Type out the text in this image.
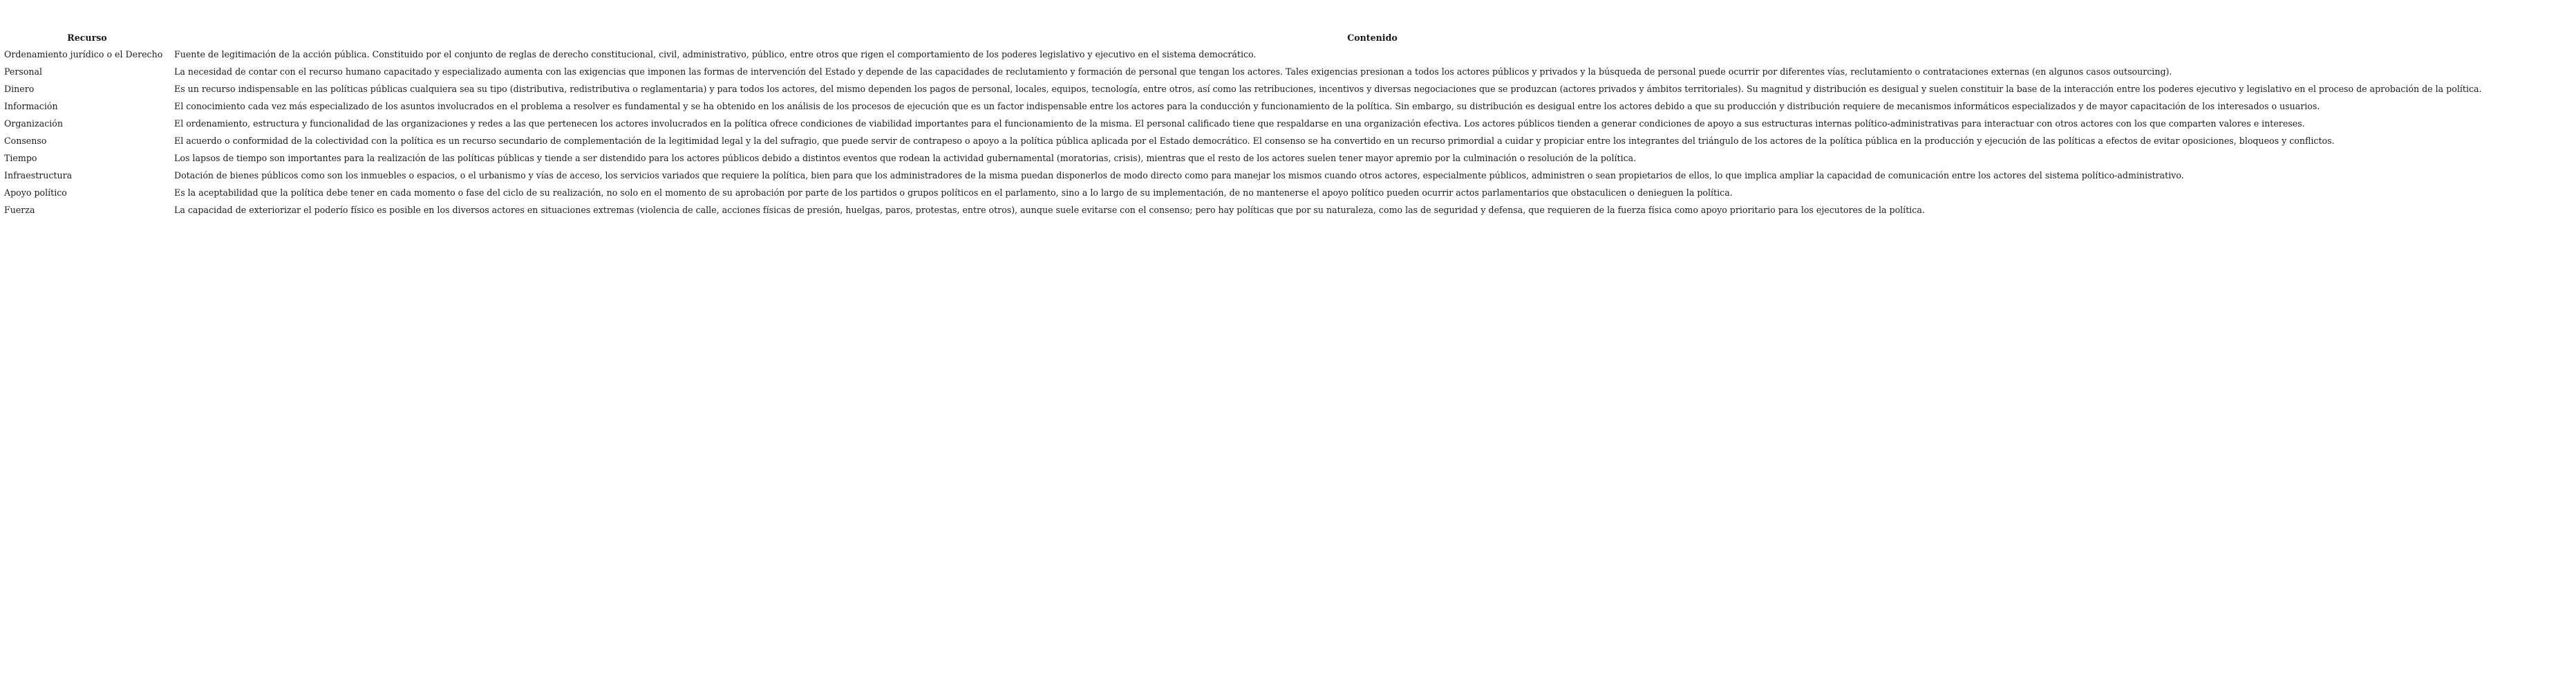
Recurso	Contenido
Ordenamiento jurídico o el Derecho	Fuente de legitimación de la acción pública. Constituido por el conjunto de reglas de derecho constitucional, civil, administrativo, público, entre otros que rigen el comportamiento de los poderes legislativo y ejecutivo en el sistema democrático.
Personal	La necesidad de contar con el recurso humano capacitado y especializado aumenta con las exigencias que imponen las formas de intervención del Estado y depende de las capacidades de reclutamiento y formación de personal que tengan los actores. Tales exigencias presionan a todos los actores públicos y privados y la búsqueda de personal puede ocurrir por diferentes vías, reclutamiento o contrataciones externas (en algunos casos outsourcing).
Dinero	Es un recurso indispensable en las políticas públicas cualquiera sea su tipo (distributiva, redistributiva o reglamentaria) y para todos los actores, del mismo dependen los pagos de personal, locales, equipos, tecnología, entre otros, así como las retribuciones, incentivos y diversas negociaciones que se produzcan (actores privados y ámbitos territoriales). Su magnitud y distribución es desigual y suelen constituir la base de la interacción entre los poderes ejecutivo y legislativo en el proceso de aprobación de la política.
Información	El conocimiento cada vez más especializado de los asuntos involucrados en el problema a resolver es fundamental y se ha obtenido en los análisis de los procesos de ejecución que es un factor indispensable entre los actores para la conducción y funcionamiento de la política. Sin embargo, su distribución es desigual entre los actores debido a que su producción y distribución requiere de mecanismos informáticos especializados y de mayor capacitación de los interesados o usuarios.
Organización	El ordenamiento, estructura y funcionalidad de las organizaciones y redes a las que pertenecen los actores involucrados en la política ofrece condiciones de viabilidad importantes para el funcionamiento de la misma. El personal calificado tiene que respaldarse en una organización efectiva. Los actores públicos tienden a generar condiciones de apoyo a sus estructuras internas político-administrativas para interactuar con otros actores con los que comparten valores e intereses.
Consenso	El acuerdo o conformidad de la colectividad con la política es un recurso secundario de complementación de la legitimidad legal y la del sufragio, que puede servir de contrapeso o apoyo a la política pública aplicada por el Estado democrático. El consenso se ha convertido en un recurso primordial a cuidar y propiciar entre los integrantes del triángulo de los actores de la política pública en la producción y ejecución de las políticas a efectos de evitar oposiciones, bloqueos y conflictos.
Tiempo	Los lapsos de tiempo son importantes para la realización de las políticas públicas y tiende a ser distendido para los actores públicos debido a distintos eventos que rodean la actividad gubernamental (moratorias, crisis), mientras que el resto de los actores suelen tener mayor apremio por la culminación o resolución de la política.
Infraestructura	Dotación de bienes públicos como son los inmuebles o espacios, o el urbanismo y vías de acceso, los servicios variados que requiere la política, bien para que los administradores de la misma puedan disponerlos de modo directo como para manejar los mismos cuando otros actores, especialmente públicos, administren o sean propietarios de ellos, lo que implica ampliar la capacidad de comunicación entre los actores del sistema político-administrativo.
Apoyo político	Es la aceptabilidad que la política debe tener en cada momento o fase del ciclo de su realización, no solo en el momento de su aprobación por parte de los partidos o grupos políticos en el parlamento, sino a lo largo de su implementación, de no mantenerse el apoyo político pueden ocurrir actos parlamentarios que obstaculicen o denieguen la política.
Fuerza	La capacidad de exteriorizar el poderío físico es posible en los diversos actores en situaciones extremas (violencia de calle, acciones físicas de presión, huelgas, paros, protestas, entre otros), aunque suele evitarse con el consenso; pero hay políticas que por su naturaleza, como las de seguridad y defensa, que requieren de la fuerza física como apoyo prioritario para los ejecutores de la política.
